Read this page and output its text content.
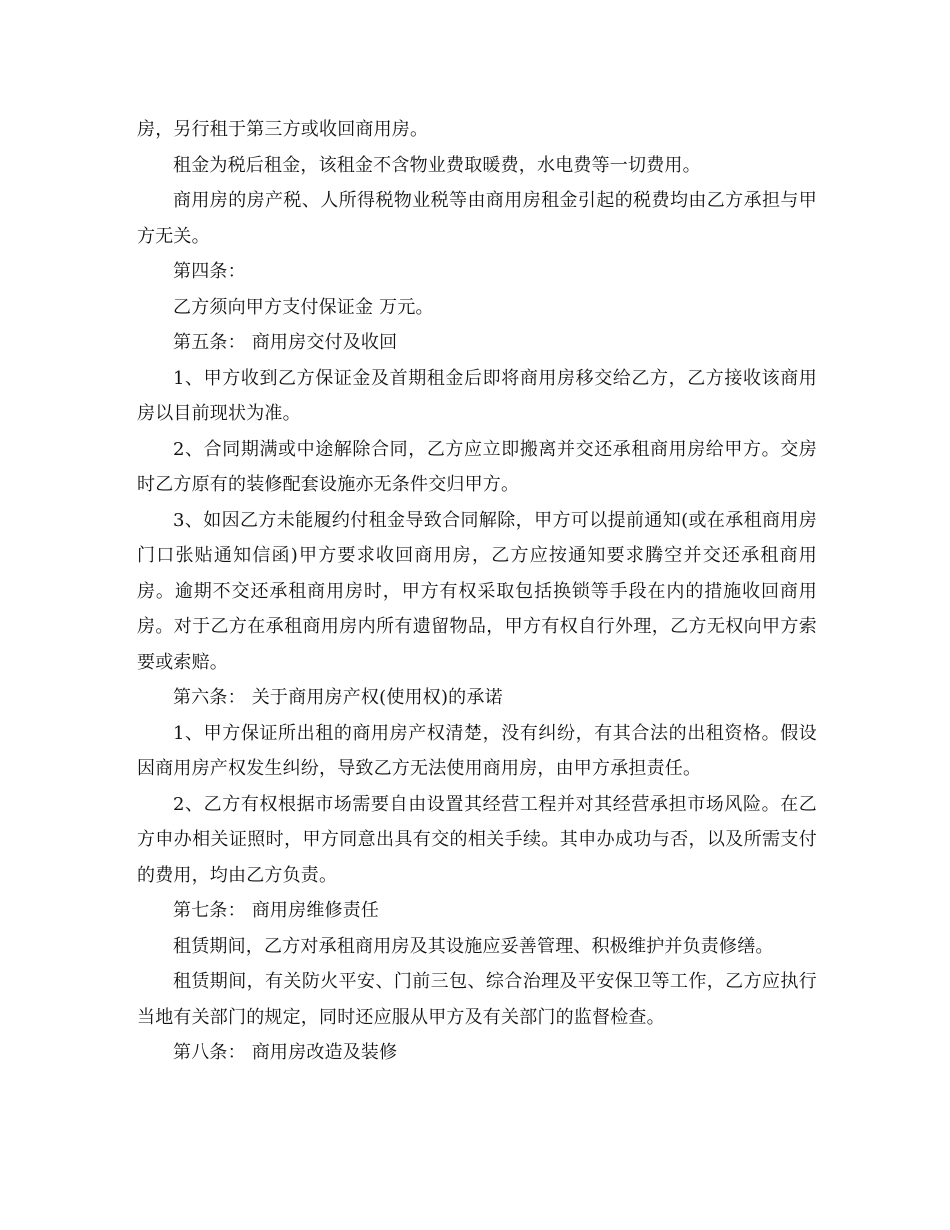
房，另行租于第三方或收回商用房。

租金为税后租金，该租金不含物业费取暖费，水电费等一切费用。

商用房的房产税、人所得税物业税等由商用房租金引起的税费均由乙方承担与甲方无关。

第四条：

乙方须向甲方支付保证金 万元。

第五条： 商用房交付及收回

1、甲方收到乙方保证金及首期租金后即将商用房移交给乙方，乙方接收该商用房以目前现状为准。

2、合同期满或中途解除合同，乙方应立即搬离并交还承租商用房给甲方。交房时乙方原有的装修配套设施亦无条件交归甲方。

3、如因乙方未能履约付租金导致合同解除，甲方可以提前通知(或在承租商用房门口张贴通知信函)甲方要求收回商用房，乙方应按通知要求腾空并交还承租商用房。逾期不交还承租商用房时，甲方有权采取包括换锁等手段在内的措施收回商用房。对于乙方在承租商用房内所有遗留物品，甲方有权自行外理，乙方无权向甲方索要或索赔。

第六条： 关于商用房产权(使用权)的承诺

1、甲方保证所出租的商用房产权清楚，没有纠纷，有其合法的出租资格。假设因商用房产权发生纠纷，导致乙方无法使用商用房，由甲方承担责任。

2、乙方有权根据市场需要自由设置其经营工程并对其经营承担市场风险。在乙方申办相关证照时，甲方同意出具有交的相关手续。其申办成功与否，以及所需支付的费用，均由乙方负责。

第七条： 商用房维修责任

租赁期间，乙方对承租商用房及其设施应妥善管理、积极维护并负责修缮。

租赁期间，有关防火平安、门前三包、综合治理及平安保卫等工作，乙方应执行当地有关部门的规定，同时还应服从甲方及有关部门的监督检查。

第八条： 商用房改造及装修
